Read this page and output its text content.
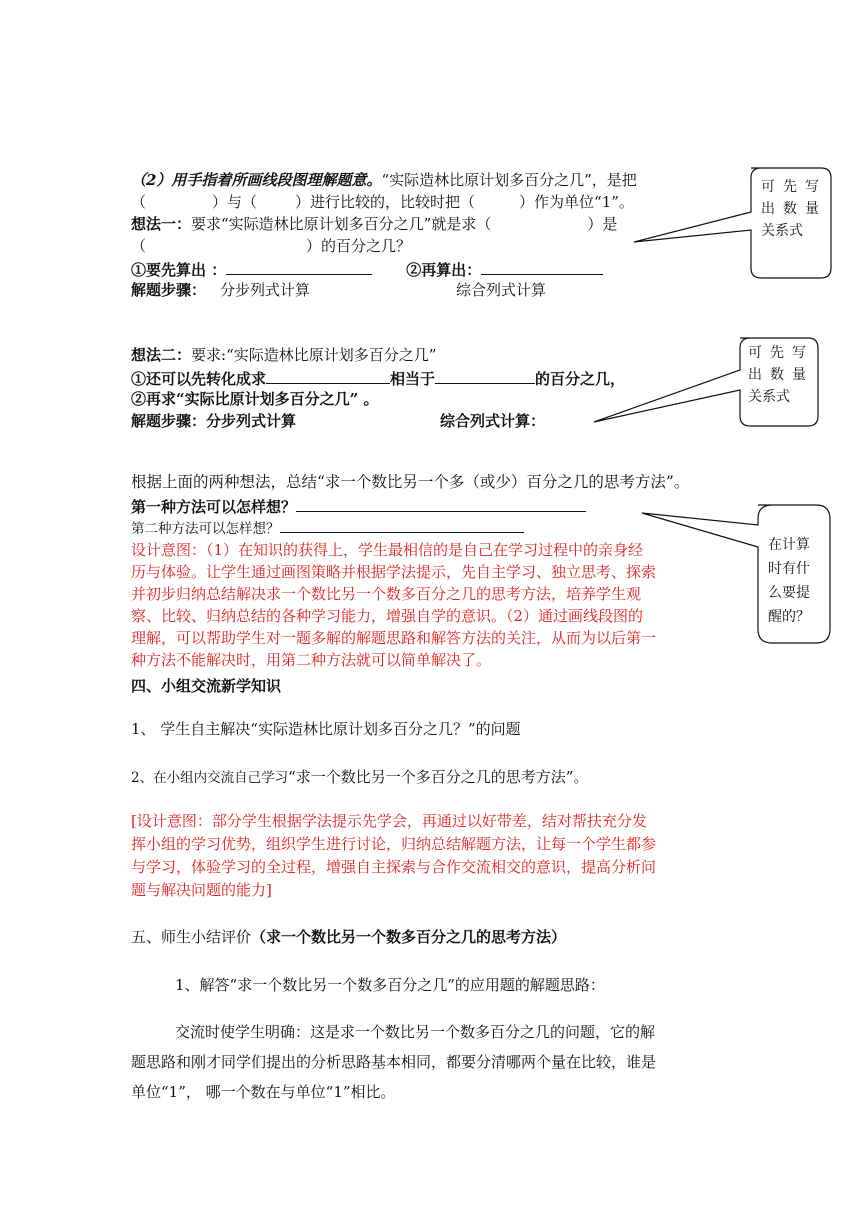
（2）用手指着所画线段图理解题意。“实际造林比原计划多百分之几”，是把
（	）与（	）进行比较的，比较时把（	）作为单位“1”。
想法一：要求“实际造林比原计划多百分之几”就是求（	）是
（	）的百分之几？
①要先算出 ：	②再算出：
解题步骤： 分步列式计算	综合列式计算
想法二：要求:“实际造林比原计划多百分之几”
①还可以先转化成求	相当于	的百分之几，
②再求“实际比原计划多百分之几” 。
解题步骤：分步列式计算	综合列式计算：
根据上面的两种想法，总结“求一个数比另一个多（或少）百分之几的思考方法”。
第一种方法可以怎样想？
第二种方法可以怎样想？
设计意图：（1）在知识的获得上，学生最相信的是自己在学习过程中的亲身经
历与体验。让学生通过画图策略并根据学法提示，先自主学习、独立思考、探索
并初步归纳总结解决求一个数比另一个数多百分之几的思考方法，培养学生观
察、比较、归纳总结的各种学习能力，增强自学的意识。（2）通过画线段图的
理解，可以帮助学生对一题多解的解题思路和解答方法的关注，从而为以后第一
种方法不能解决时，用第二种方法就可以简单解决了。
四、小组交流新学知识
1、 学生自主解决“实际造林比原计划多百分之几？”的问题
2、在小组内交流自己学习“求一个数比另一个多百分之几的思考方法”。
[设计意图：部分学生根据学法提示先学会，再通过以好带差，结对帮扶充分发
挥小组的学习优势，组织学生进行讨论，归纳总结解题方法，让每一个学生都参
与学习，体验学习的全过程，增强自主探索与合作交流相交的意识，提高分析问
题与解决问题的能力]
五、师生小结评价（求一个数比另一个数多百分之几的思考方法）
1、解答“求一个数比另一个数多百分之几”的应用题的解题思路：
交流时使学生明确：这是求一个数比另一个数多百分之几的问题，它的解
题思路和刚才同学们提出的分析思路基本相同，都要分清哪两个量在比较，谁是
单位“1”， 哪一个数在与单位“1”相比。
可 先 写
出 数 量
关系式
可 先 写
出 数 量
关系式
在计算
时有什
么要提
醒的？
